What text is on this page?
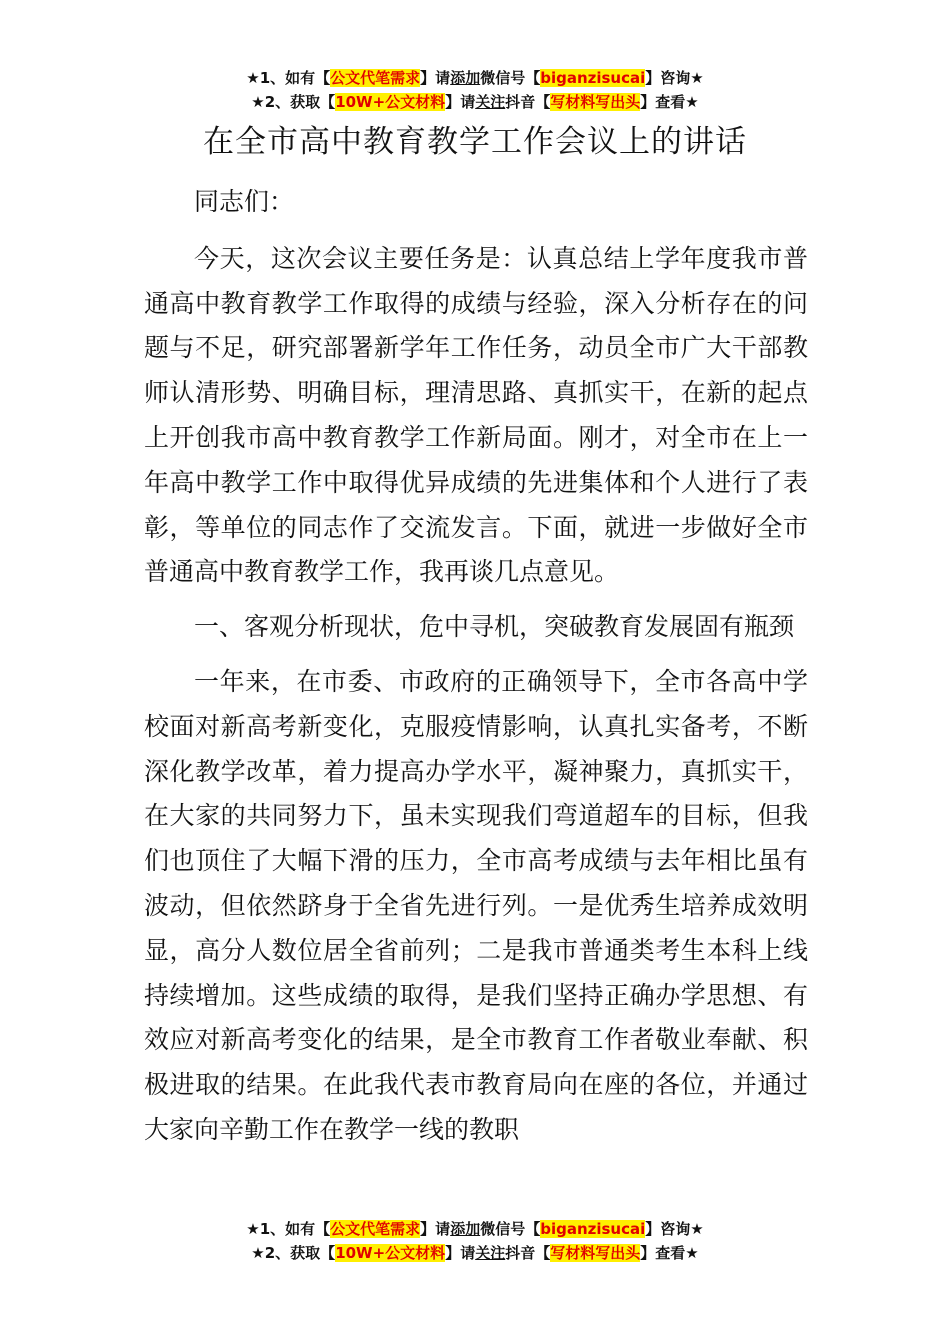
★1、如有【公文代笔需求】请添加微信号【biganzisucai】咨询★
★2、获取【10W+公文材料】请关注抖音【写材料写出头】查看★
在全市高中教育教学工作会议上的讲话

同志们：

今天，这次会议主要任务是：认真总结上学年度我市普通高中教育教学工作取得的成绩与经验，深入分析存在的问题与不足，研究部署新学年工作任务，动员全市广大干部教师认清形势、明确目标，理清思路、真抓实干，在新的起点上开创我市高中教育教学工作新局面。刚才，对全市在上一年高中教学工作中取得优异成绩的先进集体和个人进行了表彰，等单位的同志作了交流发言。下面，就进一步做好全市普通高中教育教学工作，我再谈几点意见。

一、客观分析现状，危中寻机，突破教育发展固有瓶颈

一年来，在市委、市政府的正确领导下，全市各高中学校面对新高考新变化，克服疫情影响，认真扎实备考，不断深化教学改革，着力提高办学水平，凝神聚力，真抓实干，在大家的共同努力下，虽未实现我们弯道超车的目标，但我们也顶住了大幅下滑的压力，全市高考成绩与去年相比虽有波动，但依然跻身于全省先进行列。一是优秀生培养成效明显，高分人数位居全省前列；二是我市普通类考生本科上线持续增加。这些成绩的取得，是我们坚持正确办学思想、有效应对新高考变化的结果，是全市教育工作者敬业奉献、积极进取的结果。在此我代表市教育局向在座的各位，并通过大家向辛勤工作在教学一线的教职

★1、如有【公文代笔需求】请添加微信号【biganzisucai】咨询★
★2、获取【10W+公文材料】请关注抖音【写材料写出头】查看★
